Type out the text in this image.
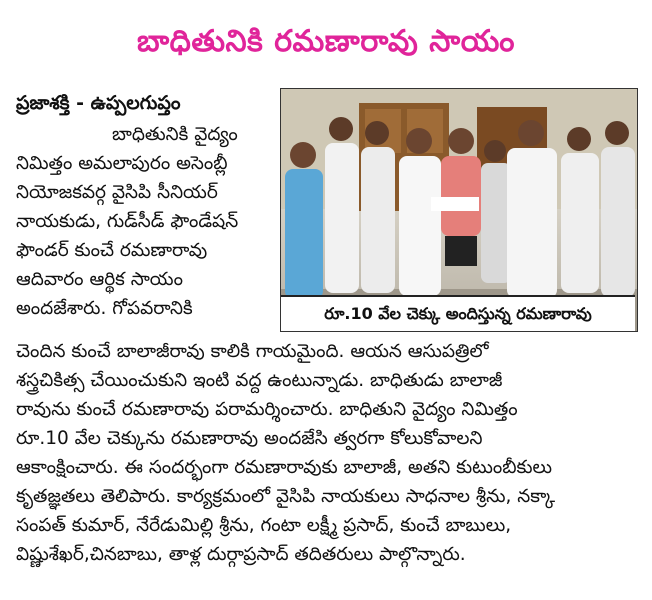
బాధితునికి రమణారావు సాయం
ప్రజాశక్తి - ఉప్పలగుప్తం
రూ.10 వేల చెక్కు అందిస్తున్న రమణారావు
బాధితునికి వైద్యం
నిమిత్తం అమలాపురం అసెంబ్లీ
నియోజకవర్గ వైసిపి సీనియర్
నాయకుడు, గుడ్‌సీడ్ ఫౌండేషన్
ఫౌండర్ కుంచే రమణారావు
ఆదివారం ఆర్థిక సాయం
అందజేశారు. గోపవరానికి
చెందిన కుంచే బాలాజీరావు కాలికి గాయమైంది. ఆయన ఆసుపత్రిలో
శస్త్రచికిత్స చేయించుకుని ఇంటి వద్ద ఉంటున్నాడు. బాధితుడు బాలాజీ
రావును కుంచే రమణారావు పరామర్శించారు. బాధితుని వైద్యం నిమిత్తం
రూ.10 వేల చెక్కును రమణారావు అందజేసి త్వరగా కోలుకోవాలని
ఆకాంక్షించారు. ఈ సందర్భంగా రమణారావుకు బాలాజీ, అతని కుటుంబీకులు
కృతజ్ఞతలు తెలిపారు. కార్యక్రమంలో వైసిపి నాయకులు సాధనాల శ్రీను, నక్కా
సంపత్ కుమార్, నేరేడుమిల్లి శ్రీను, గంటా లక్ష్మీ ప్రసాద్, కుంచే బాబులు,
విష్ణుశేఖర్,చినబాబు, తాళ్ల దుర్గాప్రసాద్ తదితరులు పాల్గొన్నారు.
